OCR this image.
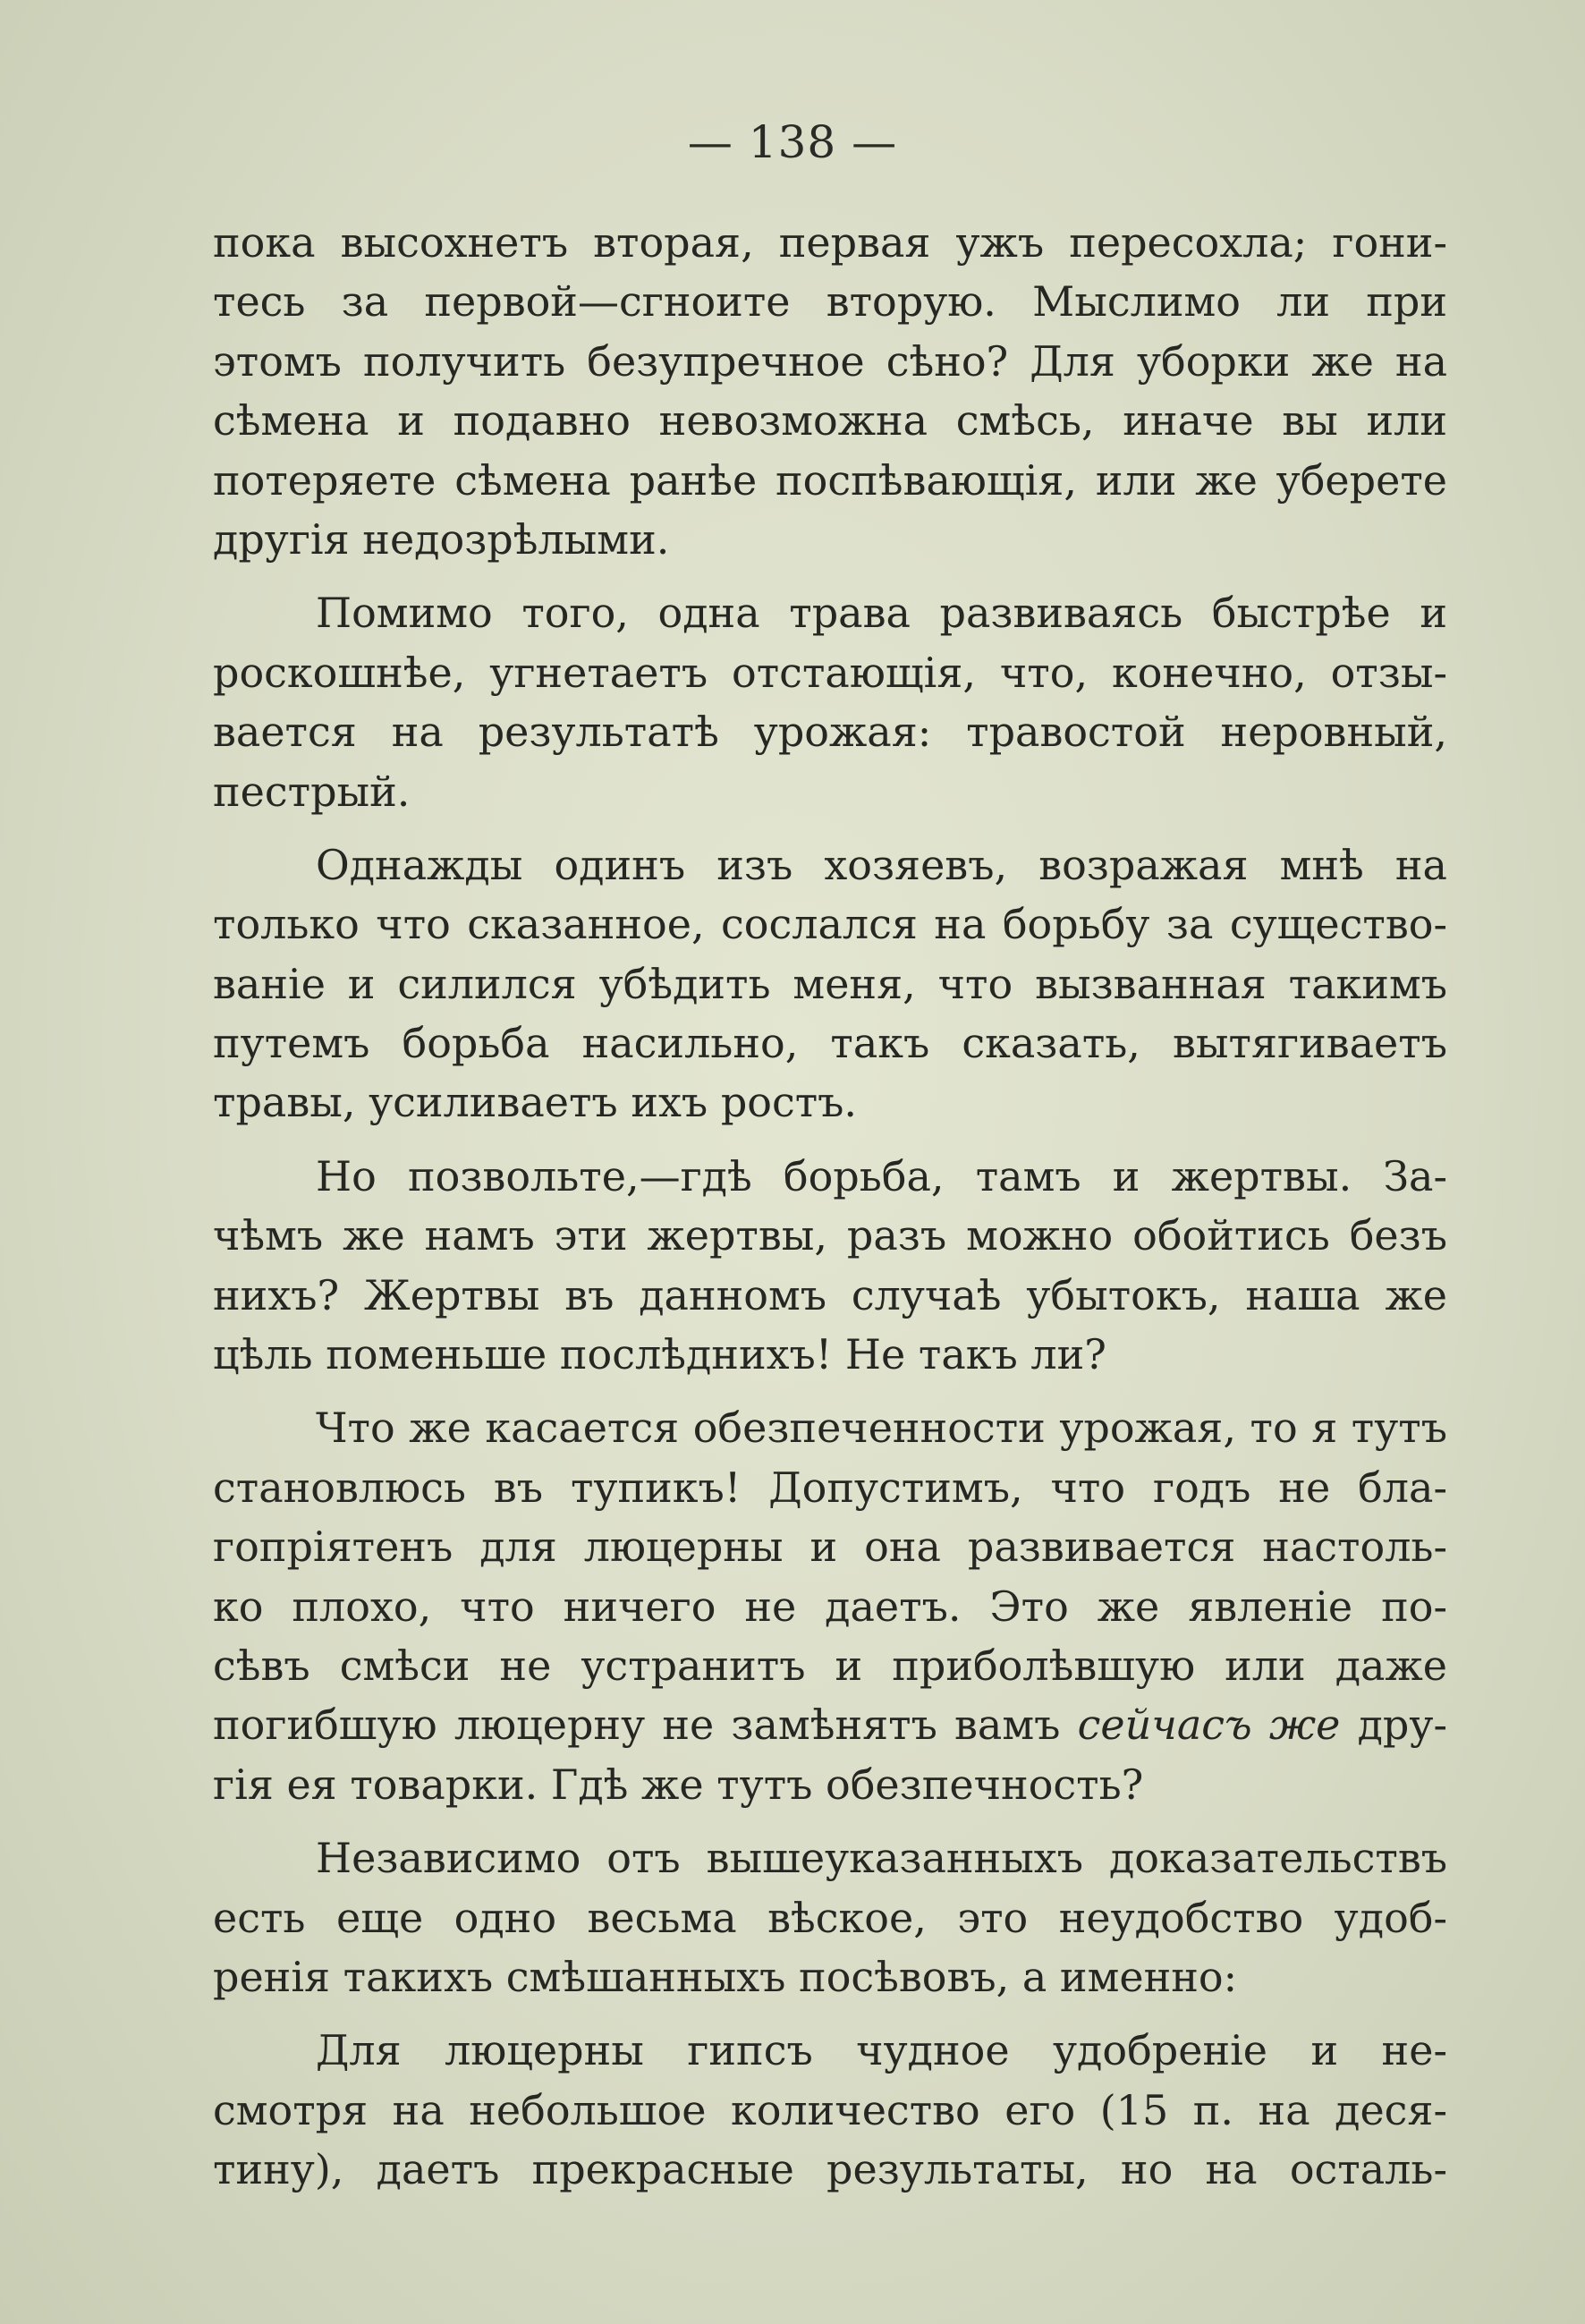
— 138 —
пока высохнетъ вторая, первая ужъ пересохла; гони-
тесь за первой—сгноите вторую. Мыслимо ли при
этомъ получить безупречное сѣно? Для уборки же на
сѣмена и подавно невозможна смѣсь, иначе вы или
потеряете сѣмена ранѣе поспѣвающія, или же уберете
другія недозрѣлыми.
Помимо того, одна трава развиваясь быстрѣе и
роскошнѣе, угнетаетъ отстающія, что, конечно, отзы-
вается на результатѣ урожая: травостой неровный,
пестрый.
Однажды одинъ изъ хозяевъ, возражая мнѣ на
только что сказанное, сослался на борьбу за существо-
ваніе и силился убѣдить меня, что вызванная такимъ
путемъ борьба насильно, такъ сказать, вытягиваетъ
травы, усиливаетъ ихъ ростъ.
Но позвольте,—гдѣ борьба, тамъ и жертвы. За-
чѣмъ же намъ эти жертвы, разъ можно обойтись безъ
нихъ? Жертвы въ данномъ случаѣ убытокъ, наша же
цѣль поменьше послѣднихъ! Не такъ ли?
Что же касается обезпеченности урожая, то я тутъ
становлюсь въ тупикъ! Допустимъ, что годъ не бла-
гопріятенъ для люцерны и она развивается настоль-
ко плохо, что ничего не даетъ. Это же явленіе по-
сѣвъ смѣси не устранитъ и приболѣвшую или даже
погибшую люцерну не замѣнятъ вамъ сейчасъ же дру-
гія ея товарки. Гдѣ же тутъ обезпечность?
Независимо отъ вышеуказанныхъ доказательствъ
есть еще одно весьма вѣское, это неудобство удоб-
ренія такихъ смѣшанныхъ посѣвовъ, а именно:
Для люцерны гипсъ чудное удобреніе и не-
смотря на небольшое количество его (15 п. на деся-
тину), даетъ прекрасные результаты, но на осталь-
